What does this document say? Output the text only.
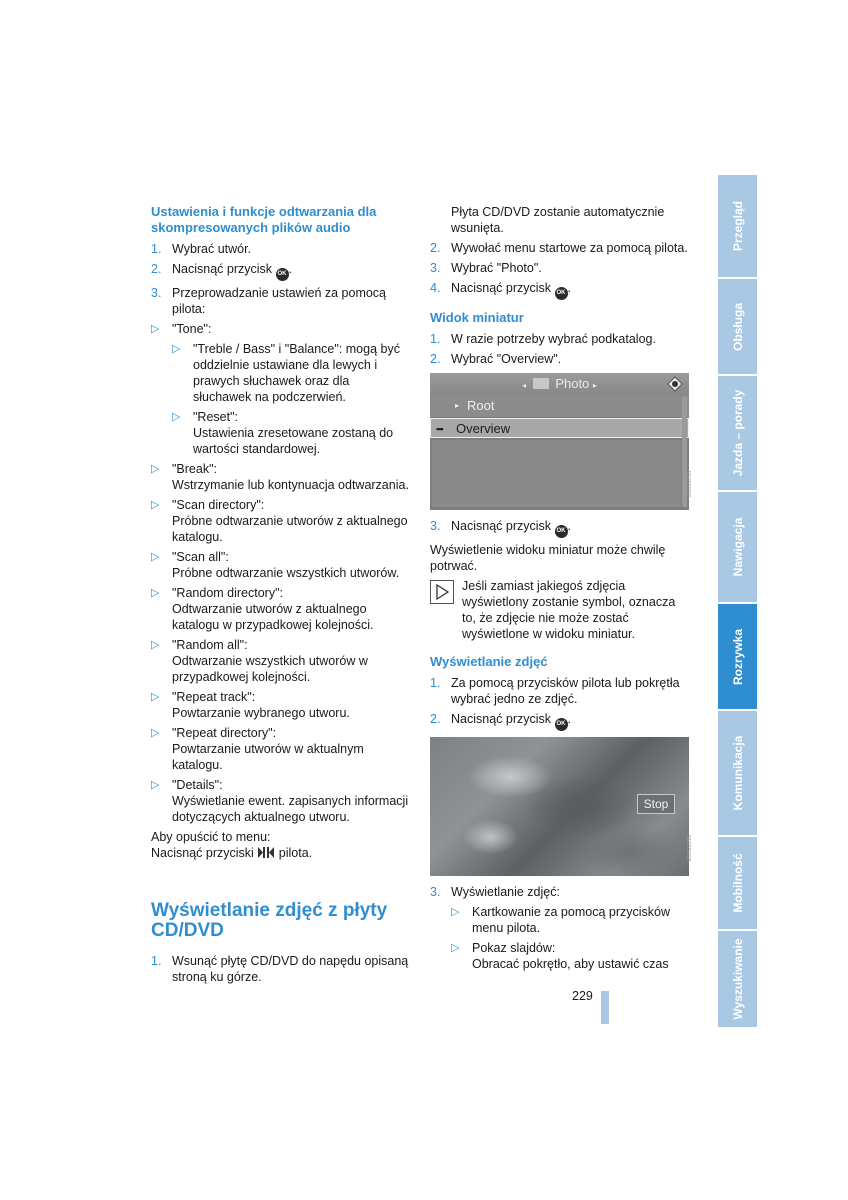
Ustawienia i funkcje odtwarzania dla skompresowanych plików audio
1. Wybrać utwór.
2. Nacisnąć przycisk OK .
3. Przeprowadzanie ustawień za pomocą pilota:
▷	"Tone":
▷	"Treble / Bass" i "Balance": mogą być oddzielnie ustawiane dla lewych i prawych słuchawek oraz dla słuchawek na podczerwień.
▷	"Reset":
Ustawienia zresetowane zostaną do wartości standardowej.
▷	"Break":
Wstrzymanie lub kontynuacja odtwarzania.
▷	"Scan directory":
Próbne odtwarzanie utworów z aktualnego katalogu.
▷	"Scan all":
Próbne odtwarzanie wszystkich utworów.
▷	"Random directory":
Odtwarzanie utworów z aktualnego katalogu w przypadkowej kolejności.
▷	"Random all":
Odtwarzanie wszystkich utworów w przypadkowej kolejności.
▷	"Repeat track":
Powtarzanie wybranego utworu.
▷	"Repeat directory":
Powtarzanie utworów w aktualnym katalogu.
▷	"Details":
Wyświetlanie ewent. zapisanych informacji dotyczących aktualnego utworu.
Aby opuścić to menu:
Nacisnąć przyciski pilota.
Wyświetlanie zdjęć z płyty CD/DVD
1. Wsunąć płytę CD/DVD do napędu opisaną stroną ku górze.
Płyta CD/DVD zostanie automatycznie wsunięta.
2. Wywołać menu startowe za pomocą pilota.
3. Wybrać "Photo".
4. Nacisnąć przycisk OK .
Widok miniatur
1. W razie potrzeby wybrać podkatalog.
2. Wybrać "Overview".
◂ Photo ▸
▸ Root
▪▪▪ Overview
DE0383309
3. Nacisnąć przycisk OK .
Wyświetlenie widoku miniatur może chwilę potrwać.
Jeśli zamiast jakiegoś zdjęcia wyświetlony zostanie symbol, oznacza to, że zdjęcie nie może zostać wyświetlone w widoku miniatur.
Wyświetlanie zdjęć
1. Za pomocą przycisków pilota lub pokrętła wybrać jedno ze zdjęć.
2. Nacisnąć przycisk OK .
Stop
DE0383308
3. Wyświetlanie zdjęć:
▷	Kartkowanie za pomocą przycisków menu pilota.
▷	Pokaz slajdów:
Obracać pokrętło, aby ustawić czas
Przegląd
Obsługa
Jazda – porady
Nawigacja
Rozrywka
Komunikacja
Mobilność
Wyszukiwanie
229
